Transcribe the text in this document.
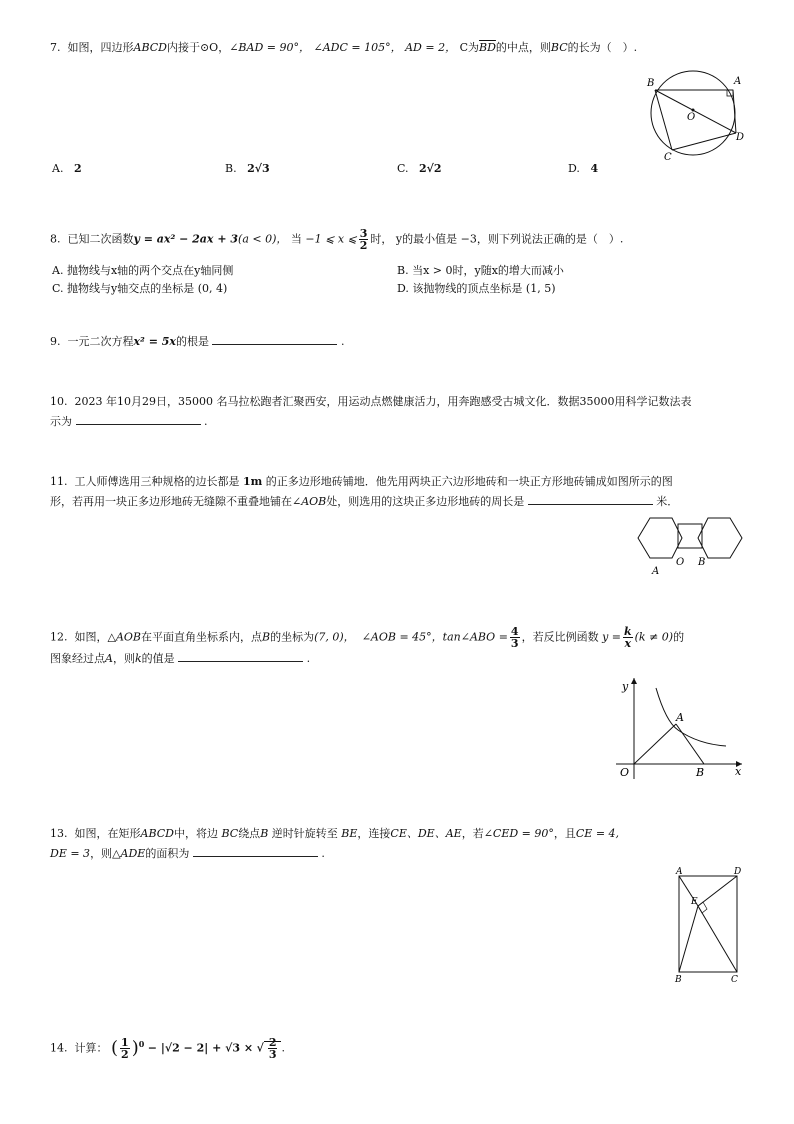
7. 如图，四边形ABCD内接于⊙O，∠BAD = 90°， ∠ADC = 105°， AD = 2， C为$\overline{BD}$的中点，则BC的长为（　）.
B	A
O
D
C
A. 2	B. 2√3	C. 2√2	D. 4
8. 已知二次函数y = ax² − 2ax + 3(a < 0)， 当 −1 ⩽ x ⩽ $\frac{3}{2}$ 时， y的最小值是 −3，则下列说法正确的是（　）.
A. 抛物线与x轴的两个交点在y轴同侧	B. 当x > 0时，y随x的增大而减小
C. 抛物线与y轴交点的坐标是 (0, 4)	D. 该抛物线的顶点坐标是 (1, 5)
9. 一元二次方程x² = 5x的根是	.
10. 2023 年10月29日，35000 名马拉松跑者汇聚西安，用运动点燃健康活力，用奔跑感受古城文化．数据35000用科学记数法表
示为	.
11. 工人师傅选用三种规格的边长都是 1m 的正多边形地砖铺地．他先用两块正六边形地砖和一块正方形地砖铺成如图所示的图
形，若再用一块正多边形地砖无缝隙不重叠地铺在∠AOB处，则选用的这块正多边形地砖的周长是	米．
A
O B
12. 如图，△AOB在平面直角坐标系内，点B的坐标为(7, 0)， ∠AOB = 45°，tan∠ABO = $\frac{4}{3}$ ，若反比例函数 $y = \frac{k}{x} (k \ne 0)$的
图象经过点A，则k的值是	.
y
A
O	B	x
13. 如图，在矩形ABCD中，将边 BC绕点B 逆时针旋转至 BE，连接CE、DE、AE，若∠CED = 90°，且CE = 4,
DE = 3，则△ADE的面积为	.
A	D
E
B	C
14. 计算： ( $\frac{1}{2} )^0 - |√2 - 2| + √3$ × √ $\frac{2}{3}$ .
